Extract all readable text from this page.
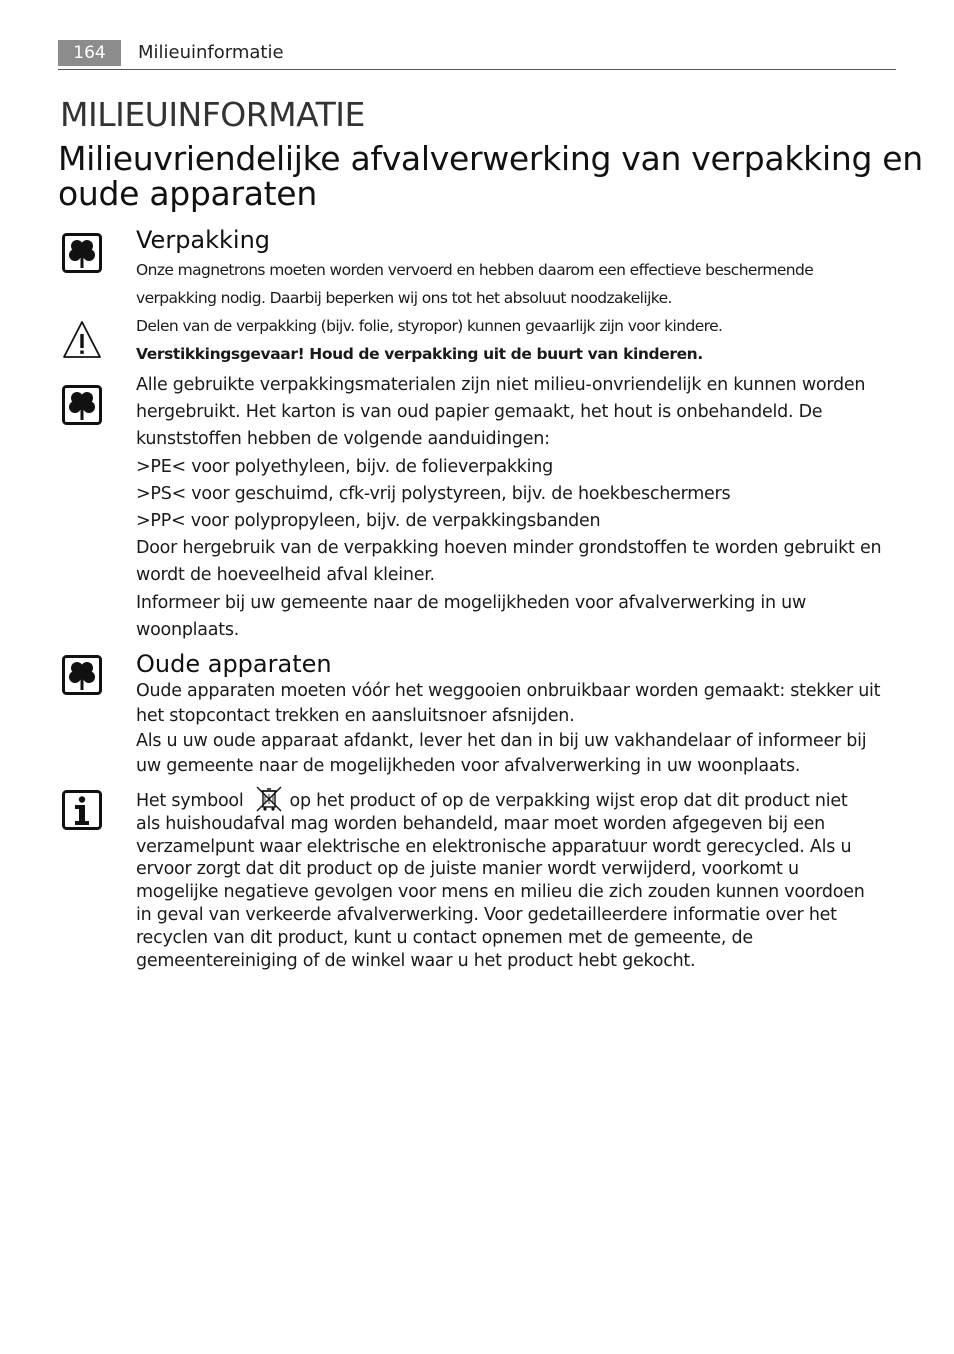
164	Milieuinformatie
MILIEUINFORMATIE
Milieuvriendelijke afvalverwerking van verpakking en oude apparaten
Verpakking

Onze magnetrons moeten worden vervoerd en hebben daarom een effectieve beschermende

verpakking nodig. Daarbij beperken wij ons tot het absoluut noodzakelijke.

Delen van de verpakking (bijv. folie, styropor) kunnen gevaarlijk zijn voor kindere.

Verstikkingsgevaar! Houd de verpakking uit de buurt van kinderen.

Alle gebruikte verpakkingsmaterialen zijn niet milieu-onvriendelijk en kunnen worden

hergebruikt. Het karton is van oud papier gemaakt, het hout is onbehandeld. De

kunststoffen hebben de volgende aanduidingen:

>PE< voor polyethyleen, bijv. de folieverpakking

>PS< voor geschuimd, cfk-vrij polystyreen, bijv. de hoekbeschermers

>PP< voor polypropyleen, bijv. de verpakkingsbanden

Door hergebruik van de verpakking hoeven minder grondstoffen te worden gebruikt en

wordt de hoeveelheid afval kleiner.

Informeer bij uw gemeente naar de mogelijkheden voor afvalverwerking in uw

woonplaats.

Oude apparaten

Oude apparaten moeten vóór het weggooien onbruikbaar worden gemaakt: stekker uit

het stopcontact trekken en aansluitsnoer afsnijden.

Als u uw oude apparaat afdankt, lever het dan in bij uw vakhandelaar of informeer bij

uw gemeente naar de mogelijkheden voor afvalverwerking in uw woonplaats.

Het symbool	op het product of op de verpakking wijst erop dat dit product niet

als huishoudafval mag worden behandeld, maar moet worden afgegeven bij een

verzamelpunt waar elektrische en elektronische apparatuur wordt gerecycled. Als u

ervoor zorgt dat dit product op de juiste manier wordt verwijderd, voorkomt u

mogelijke negatieve gevolgen voor mens en milieu die zich zouden kunnen voordoen

in geval van verkeerde afvalverwerking. Voor gedetailleerdere informatie over het

recyclen van dit product, kunt u contact opnemen met de gemeente, de

gemeentereiniging of de winkel waar u het product hebt gekocht.
